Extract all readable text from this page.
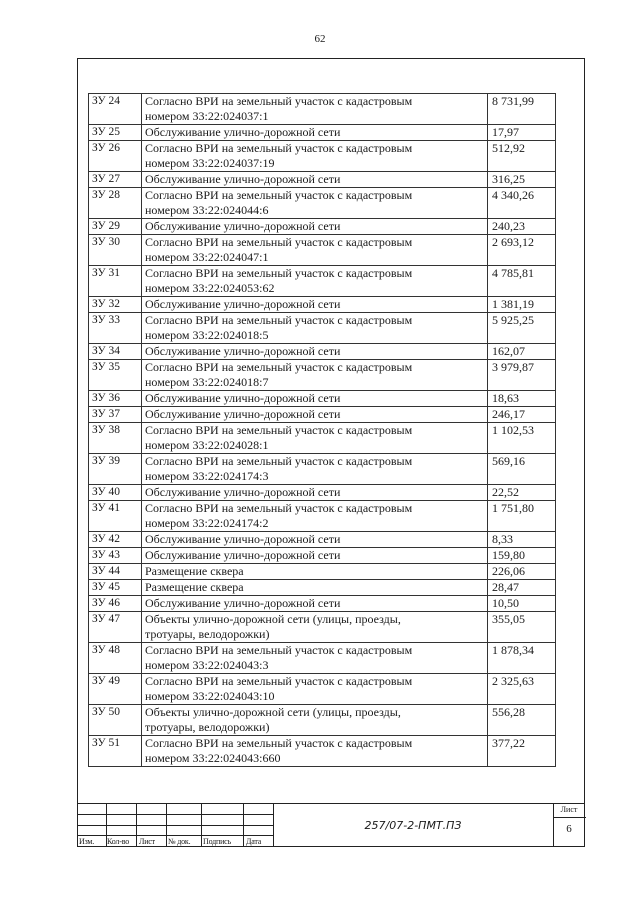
62
ЗУ 24	Согласно ВРИ на земельный участок с кадастровым
номером 33:22:024037:1	8 731,99
ЗУ 25	Обслуживание улично-дорожной сети	17,97
ЗУ 26	Согласно ВРИ на земельный участок с кадастровым
номером 33:22:024037:19	512,92
ЗУ 27	Обслуживание улично-дорожной сети	316,25
ЗУ 28	Согласно ВРИ на земельный участок с кадастровым
номером 33:22:024044:6	4 340,26
ЗУ 29	Обслуживание улично-дорожной сети	240,23
ЗУ 30	Согласно ВРИ на земельный участок с кадастровым
номером 33:22:024047:1	2 693,12
ЗУ 31	Согласно ВРИ на земельный участок с кадастровым
номером 33:22:024053:62	4 785,81
ЗУ 32	Обслуживание улично-дорожной сети	1 381,19
ЗУ 33	Согласно ВРИ на земельный участок с кадастровым
номером 33:22:024018:5	5 925,25
ЗУ 34	Обслуживание улично-дорожной сети	162,07
ЗУ 35	Согласно ВРИ на земельный участок с кадастровым
номером 33:22:024018:7	3 979,87
ЗУ 36	Обслуживание улично-дорожной сети	18,63
ЗУ 37	Обслуживание улично-дорожной сети	246,17
ЗУ 38	Согласно ВРИ на земельный участок с кадастровым
номером 33:22:024028:1	1 102,53
ЗУ 39	Согласно ВРИ на земельный участок с кадастровым
номером 33:22:024174:3	569,16
ЗУ 40	Обслуживание улично-дорожной сети	22,52
ЗУ 41	Согласно ВРИ на земельный участок с кадастровым
номером 33:22:024174:2	1 751,80
ЗУ 42	Обслуживание улично-дорожной сети	8,33
ЗУ 43	Обслуживание улично-дорожной сети	159,80
ЗУ 44	Размещение сквера	226,06
ЗУ 45	Размещение сквера	28,47
ЗУ 46	Обслуживание улично-дорожной сети	10,50
ЗУ 47	Объекты улично-дорожной сети (улицы, проезды,
тротуары, велодорожки)	355,05
ЗУ 48	Согласно ВРИ на земельный участок с кадастровым
номером 33:22:024043:3	1 878,34
ЗУ 49	Согласно ВРИ на земельный участок с кадастровым
номером 33:22:024043:10	2 325,63
ЗУ 50	Объекты улично-дорожной сети (улицы, проезды,
тротуары, велодорожки)	556,28
ЗУ 51	Согласно ВРИ на земельный участок с кадастровым
номером 33:22:024043:660	377,22
Изм. Кол-во Лист № док. Подпись Дата
257/07-2-ПМТ.ПЗ
Лист
6
